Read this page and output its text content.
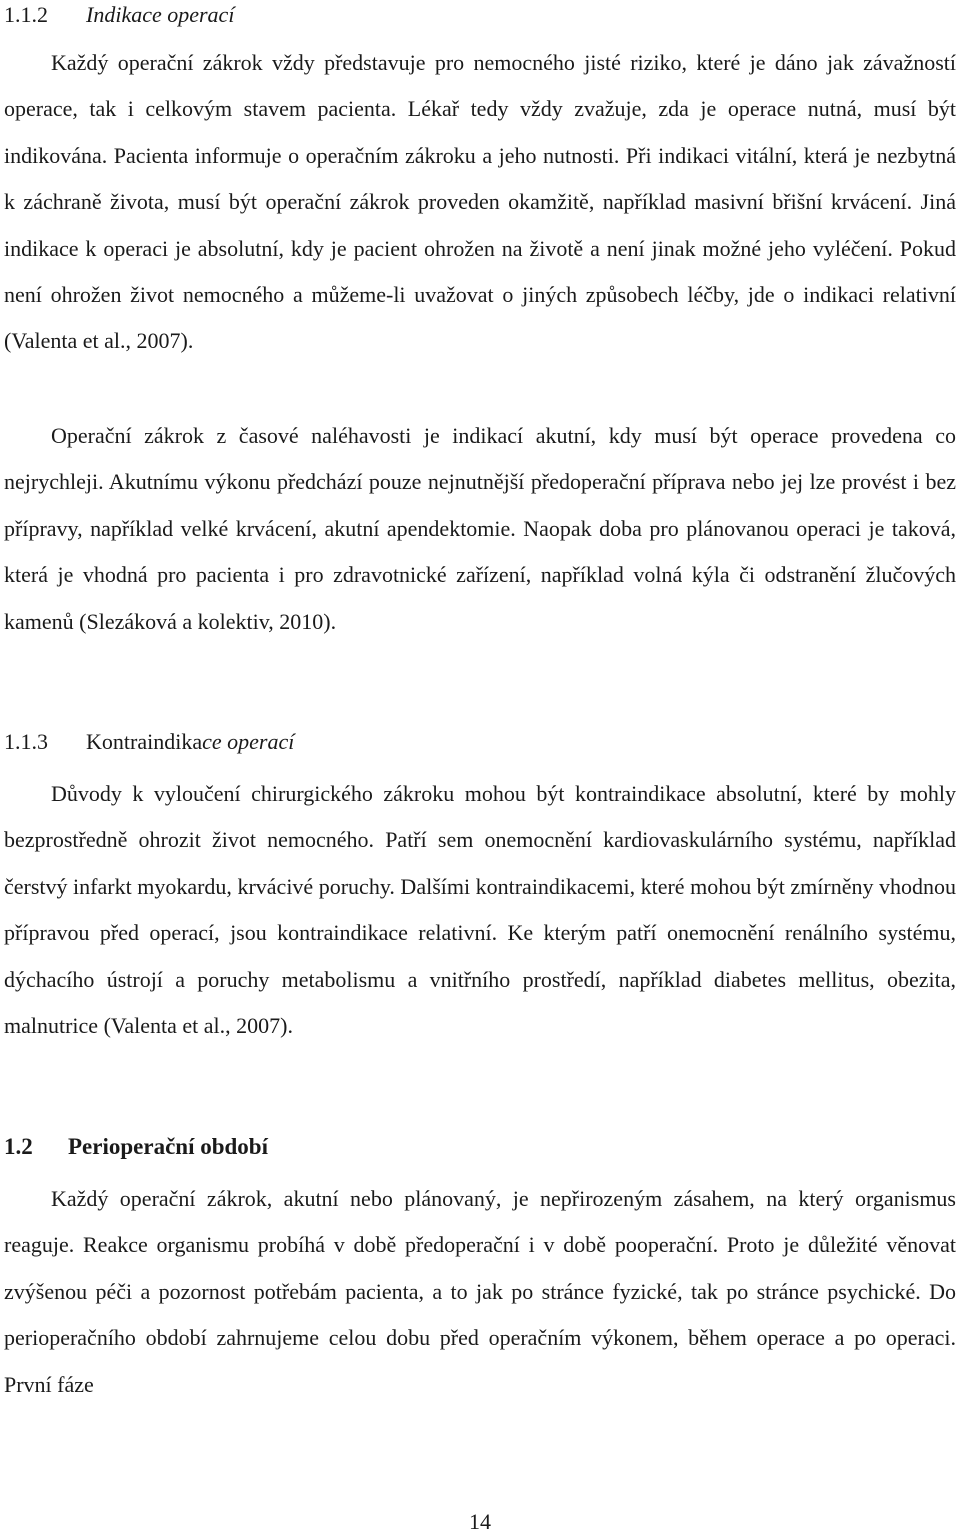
1.1.2 Indikace operací

Každý operační zákrok vždy představuje pro nemocného jisté riziko, které je dáno jak závažností operace, tak i celkovým stavem pacienta. Lékař tedy vždy zvažuje, zda je operace nutná, musí být indikována. Pacienta informuje o operačním zákroku a jeho nutnosti. Při indikaci vitální, která je nezbytná k záchraně života, musí být operační zákrok proveden okamžitě, například masivní břišní krvácení. Jiná indikace k operaci je absolutní, kdy je pacient ohrožen na životě a není jinak možné jeho vyléčení. Pokud není ohrožen život nemocného a můžeme-li uvažovat o jiných způsobech léčby, jde o indikaci relativní (Valenta et al., 2007).

Operační zákrok z časové naléhavosti je indikací akutní, kdy musí být operace provedena co nejrychleji. Akutnímu výkonu předchází pouze nejnutnější předoperační příprava nebo jej lze provést i bez přípravy, například velké krvácení, akutní apendektomie. Naopak doba pro plánovanou operaci je taková, která je vhodná pro pacienta i pro zdravotnické zařízení, například volná kýla či odstranění žlučových kamenů (Slezáková a kolektiv, 2010).

1.1.3 Kontraindikace operací

Důvody k vyloučení chirurgického zákroku mohou být kontraindikace absolutní, které by mohly bezprostředně ohrozit život nemocného. Patří sem onemocnění kardiovaskulárního systému, například čerstvý infarkt myokardu, krvácivé poruchy. Dalšími kontraindikacemi, které mohou být zmírněny vhodnou přípravou před operací, jsou kontraindikace relativní. Ke kterým patří onemocnění renálního systému, dýchacího ústrojí a poruchy metabolismu a vnitřního prostředí, například diabetes mellitus, obezita, malnutrice (Valenta et al., 2007).

1.2 Perioperační období

Každý operační zákrok, akutní nebo plánovaný, je nepřirozeným zásahem, na který organismus reaguje. Reakce organismu probíhá v době předoperační i v době pooperační. Proto je důležité věnovat zvýšenou péči a pozornost potřebám pacienta, a to jak po stránce fyzické, tak po stránce psychické. Do perioperačního období zahrnujeme celou dobu před operačním výkonem, během operace a po operaci. První fáze

14
